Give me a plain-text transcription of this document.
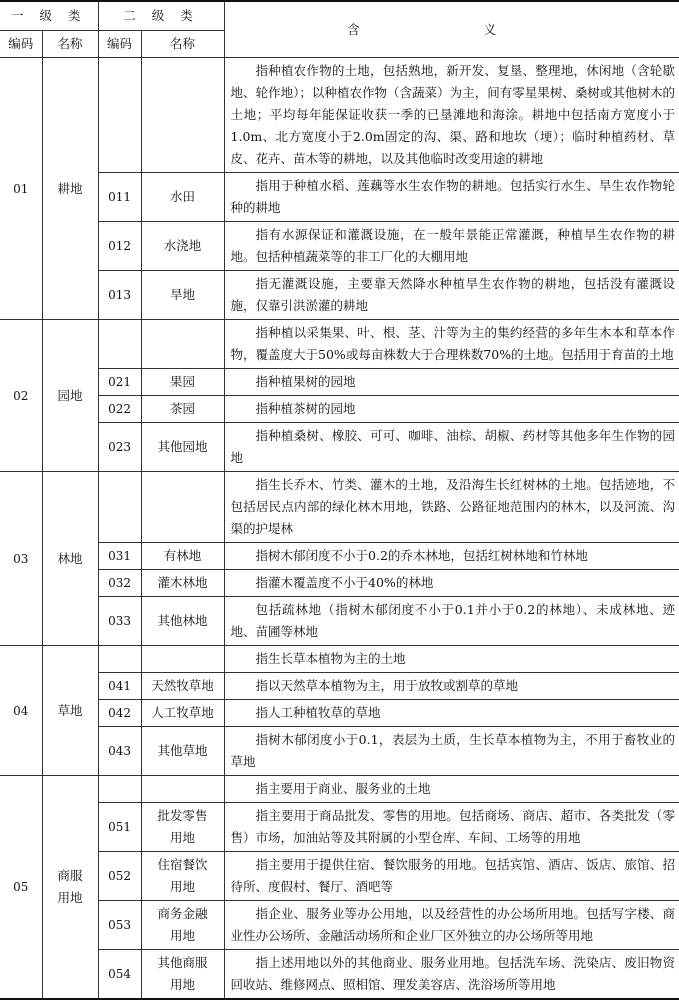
一 级 类		二 级 类		含 义
编码	名称	编码	名称	
01	耕地			指种植农作物的土地，包括熟地，新开发、复垦、整理地，休闲地（含轮歇地、轮作地）；以种植农作物（含蔬菜）为主，间有零星果树、桑树或其他树木的土地；平均每年能保证收获一季的已垦滩地和海涂。耕地中包括南方宽度小于1.0m、北方宽度小于2.0m固定的沟、渠、路和地坎（埂）；临时种植药材、草皮、花卉、苗木等的耕地，以及其他临时改变用途的耕地
		011	水田	指用于种植水稻、莲藕等水生农作物的耕地。包括实行水生、旱生农作物轮种的耕地
		012	水浇地	指有水源保证和灌溉设施，在一般年景能正常灌溉，种植旱生农作物的耕地。包括种植蔬菜等的非工厂化的大棚用地
		013	旱地	指无灌溉设施，主要靠天然降水种植旱生农作物的耕地，包括没有灌溉设施，仅靠引洪淤灌的耕地
02	园地			指种植以采集果、叶、根、茎、汁等为主的集约经营的多年生木本和草本作物，覆盖度大于50%或每亩株数大于合理株数70%的土地。包括用于育苗的土地
		021	果园	指种植果树的园地
		022	茶园	指种植茶树的园地
		023	其他园地	指种植桑树、橡胶、可可、咖啡、油棕、胡椒、药材等其他多年生作物的园地
03	林地			指生长乔木、竹类、灌木的土地，及沿海生长红树林的土地。包括迹地，不包括居民点内部的绿化林木用地，铁路、公路征地范围内的林木，以及河流、沟渠的护堤林
		031	有林地	指树木郁闭度不小于0.2的乔木林地，包括红树林地和竹林地
		032	灌木林地	指灌木覆盖度不小于40%的林地
		033	其他林地	包括疏林地（指树木郁闭度不小于0.1并小于0.2的林地）、未成林地、迹地、苗圃等林地
04	草地			指生长草本植物为主的土地
		041	天然牧草地	指以天然草本植物为主，用于放牧或割草的草地
		042	人工牧草地	指人工种植牧草的草地
		043	其他草地	指树木郁闭度小于0.1，表层为土质，生长草本植物为主，不用于畜牧业的草地
05	商服用地			指主要用于商业、服务业的土地
		051	批发零售用地	指主要用于商品批发、零售的用地。包括商场、商店、超市、各类批发（零售）市场，加油站等及其附属的小型仓库、车间、工场等的用地
		052	住宿餐饮用地	指主要用于提供住宿、餐饮服务的用地。包括宾馆、酒店、饭店、旅馆、招待所、度假村、餐厅、酒吧等
		053	商务金融用地	指企业、服务业等办公用地，以及经营性的办公场所用地。包括写字楼、商业性办公场所、金融活动场所和企业厂区外独立的办公场所等用地
		054	其他商服用地	指上述用地以外的其他商业、服务业用地。包括洗车场、洗染店、废旧物资回收站、维修网点、照相馆、理发美容店、洗浴场所等用地
